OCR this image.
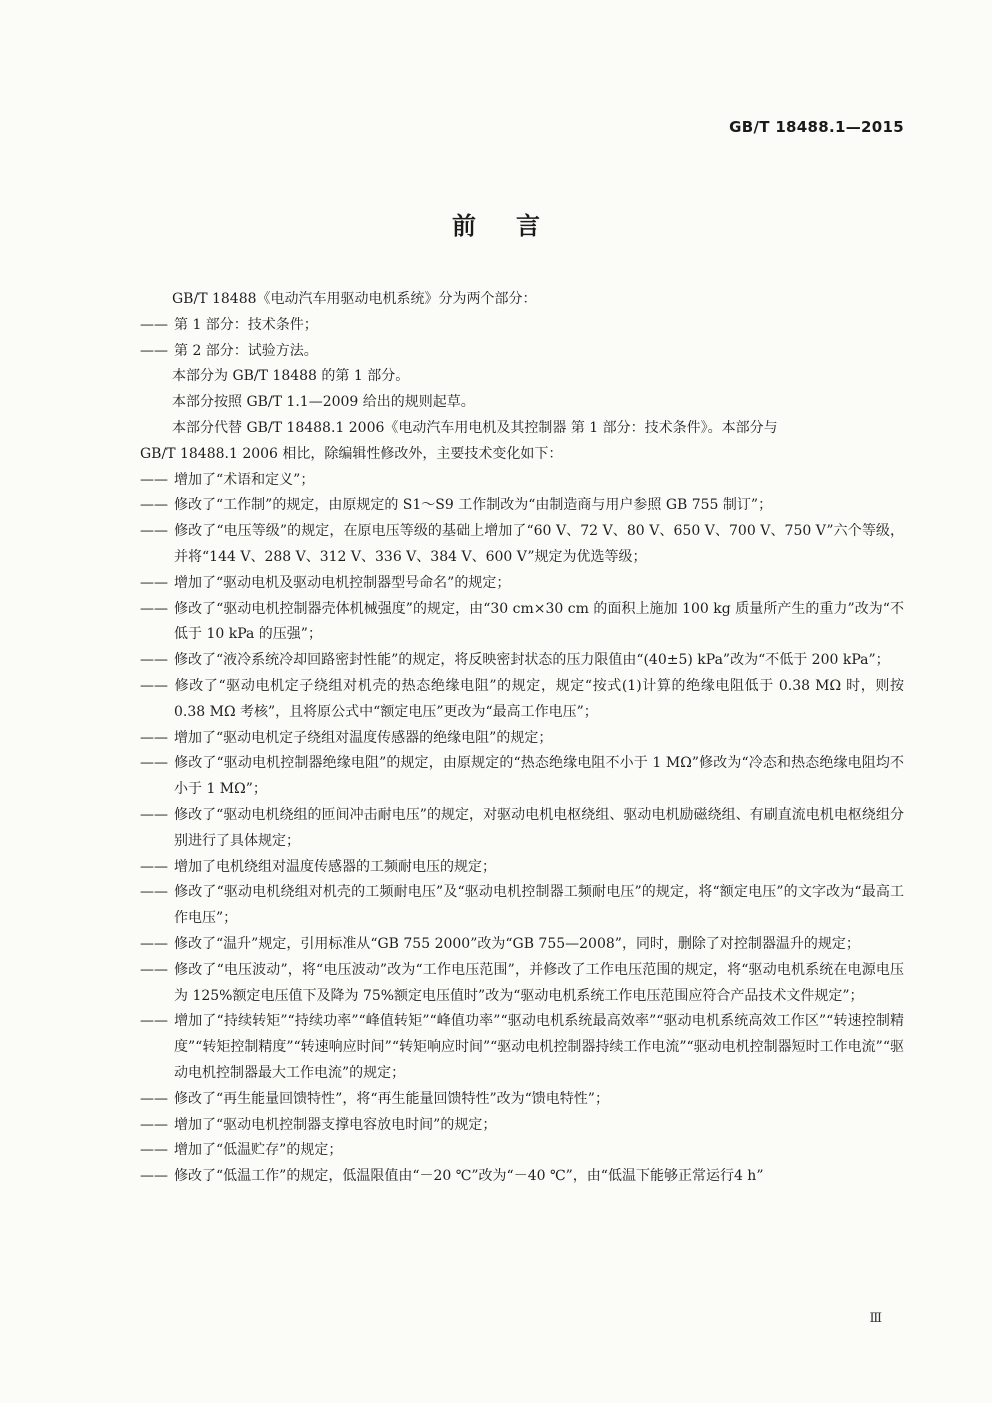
GB/T 18488.1—2015
前言

GB/T 18488《电动汽车用驱动电机系统》分为两个部分：

—— 第 1 部分：技术条件；

—— 第 2 部分：试验方法。

本部分为 GB/T 18488 的第 1 部分。

本部分按照 GB/T 1.1—2009 给出的规则起草。

本部分代替 GB/T 18488.1 2006《电动汽车用电机及其控制器 第 1 部分：技术条件》。本部分与

GB/T 18488.1 2006 相比，除编辑性修改外，主要技术变化如下：

—— 增加了“术语和定义”；

—— 修改了“工作制”的规定，由原规定的 S1～S9 工作制改为“由制造商与用户参照 GB 755 制订”；

—— 修改了“电压等级”的规定，在原电压等级的基础上增加了“60 V、72 V、80 V、650 V、700 V、750 V”六个等级，并将“144 V、288 V、312 V、336 V、384 V、600 V”规定为优选等级；

—— 增加了“驱动电机及驱动电机控制器型号命名”的规定；

—— 修改了“驱动电机控制器壳体机械强度”的规定，由“30 cm×30 cm 的面积上施加 100 kg 质量所产生的重力”改为“不低于 10 kPa 的压强”；

—— 修改了“液冷系统冷却回路密封性能”的规定，将反映密封状态的压力限值由“(40±5) kPa”改为“不低于 200 kPa”；

—— 修改了“驱动电机定子绕组对机壳的热态绝缘电阻”的规定，规定“按式(1)计算的绝缘电阻低于 0.38 MΩ 时，则按 0.38 MΩ 考核”，且将原公式中“额定电压”更改为“最高工作电压”；

—— 增加了“驱动电机定子绕组对温度传感器的绝缘电阻”的规定；

—— 修改了“驱动电机控制器绝缘电阻”的规定，由原规定的“热态绝缘电阻不小于 1 MΩ”修改为“冷态和热态绝缘电阻均不小于 1 MΩ”；

—— 修改了“驱动电机绕组的匝间冲击耐电压”的规定，对驱动电机电枢绕组、驱动电机励磁绕组、有刷直流电机电枢绕组分别进行了具体规定；

—— 增加了电机绕组对温度传感器的工频耐电压的规定；

—— 修改了“驱动电机绕组对机壳的工频耐电压”及“驱动电机控制器工频耐电压”的规定，将“额定电压”的文字改为“最高工作电压”；

—— 修改了“温升”规定，引用标准从“GB 755 2000”改为“GB 755—2008”，同时，删除了对控制器温升的规定；

—— 修改了“电压波动”，将“电压波动”改为“工作电压范围”，并修改了工作电压范围的规定，将“驱动电机系统在电源电压为 125%额定电压值下及降为 75%额定电压值时”改为“驱动电机系统工作电压范围应符合产品技术文件规定”；

—— 增加了“持续转矩”“持续功率”“峰值转矩”“峰值功率”“驱动电机系统最高效率”“驱动电机系统高效工作区”“转速控制精度”“转矩控制精度”“转速响应时间”“转矩响应时间”“驱动电机控制器持续工作电流”“驱动电机控制器短时工作电流”“驱动电机控制器最大工作电流”的规定；

—— 修改了“再生能量回馈特性”，将“再生能量回馈特性”改为“馈电特性”；

—— 增加了“驱动电机控制器支撑电容放电时间”的规定；

—— 增加了“低温贮存”的规定；

—— 修改了“低温工作”的规定，低温限值由“－20 ℃”改为“－40 ℃”，由“低温下能够正常运行4 h”

Ⅲ
